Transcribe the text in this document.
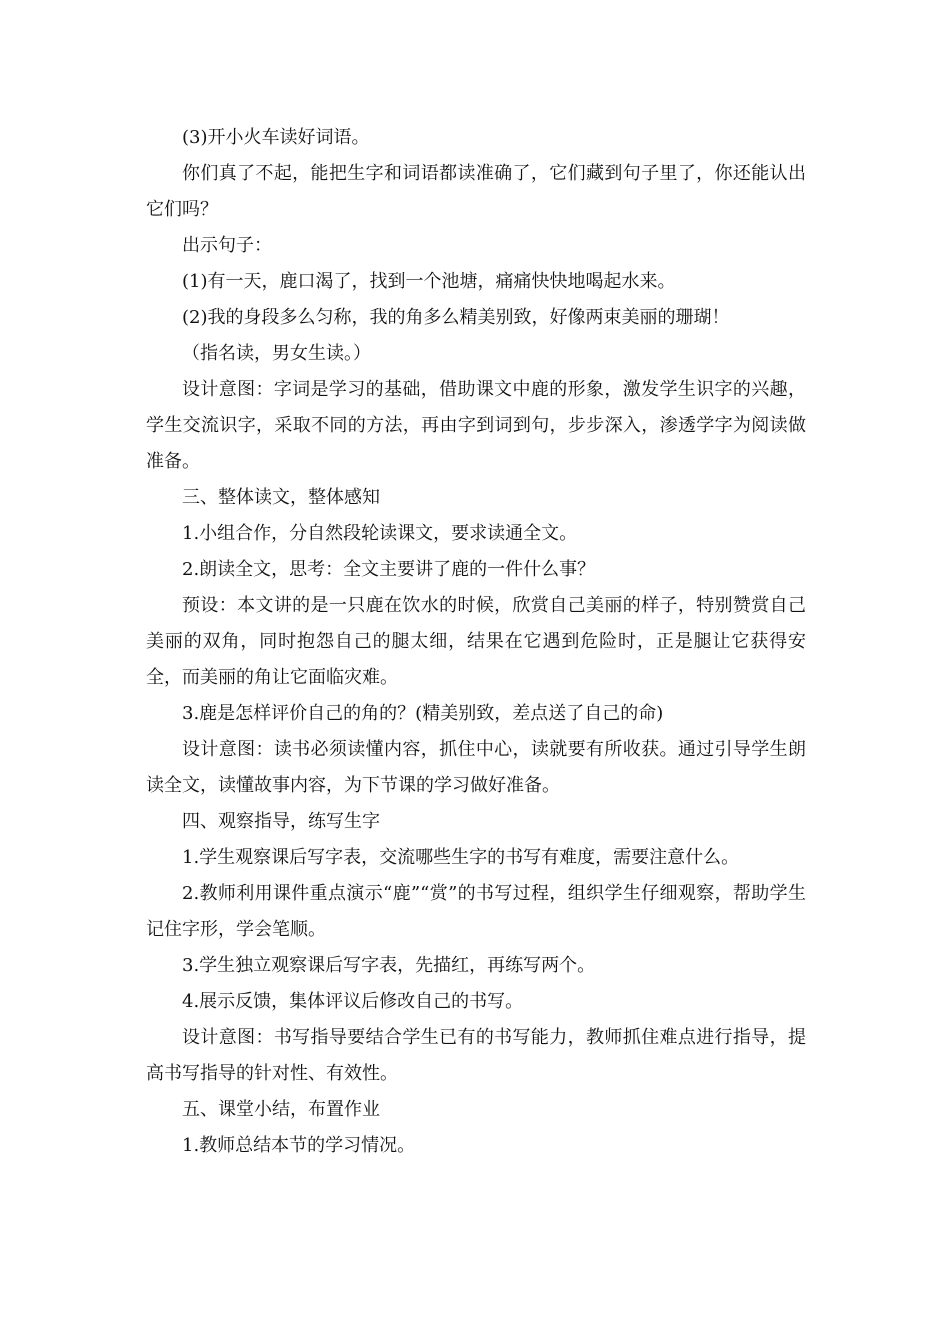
(3)开小火车读好词语。

你们真了不起，能把生字和词语都读准确了，它们藏到句子里了，你还能认出它们吗？

出示句子：

(1)有一天，鹿口渴了，找到一个池塘，痛痛快快地喝起水来。

(2)我的身段多么匀称，我的角多么精美别致，好像两束美丽的珊瑚！

（指名读，男女生读。）

设计意图：字词是学习的基础，借助课文中鹿的形象，激发学生识字的兴趣，学生交流识字，采取不同的方法，再由字到词到句，步步深入，渗透学字为阅读做准备。

三、整体读文，整体感知

1.小组合作，分自然段轮读课文，要求读通全文。

2.朗读全文，思考：全文主要讲了鹿的一件什么事？

预设：本文讲的是一只鹿在饮水的时候，欣赏自己美丽的样子，特别赞赏自己美丽的双角，同时抱怨自己的腿太细，结果在它遇到危险时，正是腿让它获得安全，而美丽的角让它面临灾难。

3.鹿是怎样评价自己的角的？(精美别致，差点送了自己的命)

设计意图：读书必须读懂内容，抓住中心，读就要有所收获。通过引导学生朗读全文，读懂故事内容，为下节课的学习做好准备。

四、观察指导，练写生字

1.学生观察课后写字表，交流哪些生字的书写有难度，需要注意什么。

2.教师利用课件重点演示“鹿”“赏”的书写过程，组织学生仔细观察，帮助学生记住字形，学会笔顺。

3.学生独立观察课后写字表，先描红，再练写两个。

4.展示反馈，集体评议后修改自己的书写。

设计意图：书写指导要结合学生已有的书写能力，教师抓住难点进行指导，提高书写指导的针对性、有效性。

五、课堂小结，布置作业

1.教师总结本节的学习情况。
